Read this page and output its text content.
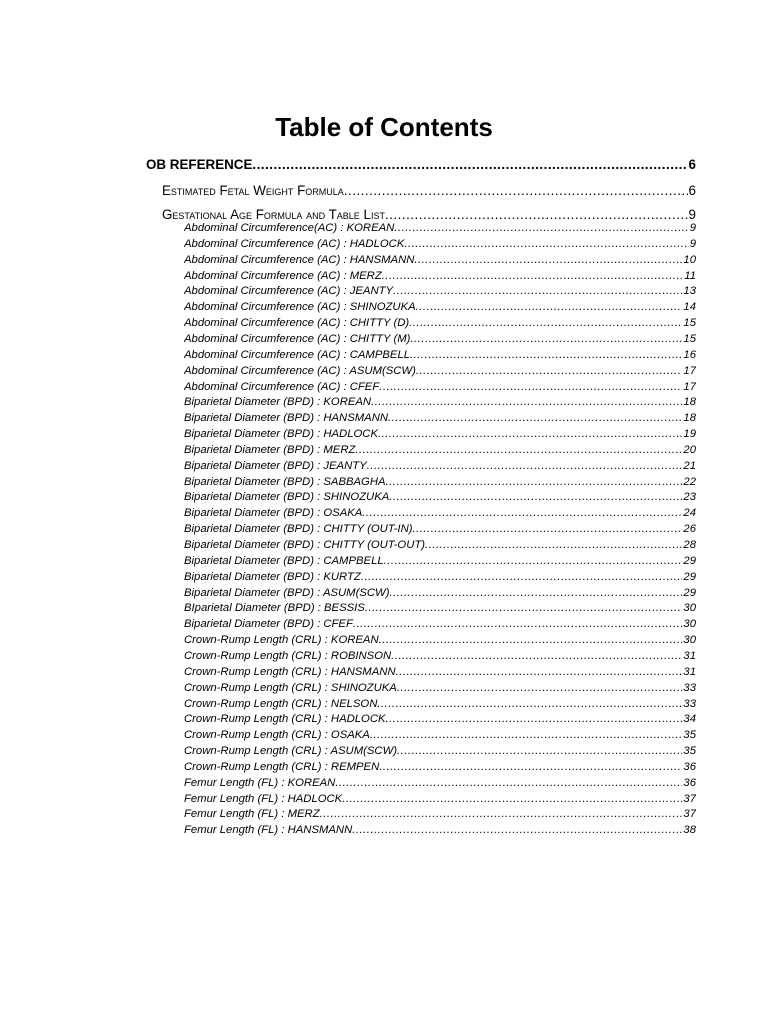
Table of Contents
OB REFERENCE .....	6
Estimated Fetal Weight Formula .....	6
Gestational Age Formula and Table List .....	9
Abdominal Circumference(AC) : KOREAN .....	9
Abdominal Circumference (AC) : HADLOCK .....	9
Abdominal Circumference (AC) : HANSMANN .....	10
Abdominal Circumference (AC) : MERZ .....	11
Abdominal Circumference (AC) : JEANTY .....	13
Abdominal Circumference (AC) : SHINOZUKA .....	14
Abdominal Circumference (AC) : CHITTY (D) .....	15
Abdominal Circumference (AC) : CHITTY (M) .....	15
Abdominal Circumference (AC) : CAMPBELL .....	16
Abdominal Circumference (AC) : ASUM(SCW) .....	17
Abdominal Circumference (AC) : CFEF .....	17
Biparietal Diameter (BPD) : KOREAN .....	18
Biparietal Diameter (BPD) : HANSMANN .....	18
Biparietal Diameter (BPD) : HADLOCK .....	19
Biparietal Diameter (BPD) : MERZ .....	20
Biparietal Diameter (BPD) : JEANTY .....	21
Biparietal Diameter (BPD) : SABBAGHA .....	22
Biparietal Diameter (BPD) : SHINOZUKA .....	23
Biparietal Diameter (BPD) : OSAKA .....	24
Biparietal Diameter (BPD) : CHITTY (OUT-IN) .....	26
Biparietal Diameter (BPD) : CHITTY (OUT-OUT) .....	28
Biparietal Diameter (BPD) : CAMPBELL .....	29
Biparietal Diameter (BPD) : KURTZ .....	29
Biparietal Diameter (BPD) : ASUM(SCW) .....	29
BIparietal Diameter (BPD) : BESSIS .....	30
Biparietal Diameter (BPD) : CFEF .....	30
Crown-Rump Length (CRL) : KOREAN .....	30
Crown-Rump Length (CRL) : ROBINSON .....	31
Crown-Rump Length (CRL) : HANSMANN .....	31
Crown-Rump Length (CRL) : SHINOZUKA .....	33
Crown-Rump Length (CRL) : NELSON .....	33
Crown-Rump Length (CRL) : HADLOCK .....	34
Crown-Rump Length (CRL) : OSAKA .....	35
Crown-Rump Length (CRL) : ASUM(SCW) .....	35
Crown-Rump Length (CRL) : REMPEN .....	36
Femur Length (FL) : KOREAN .....	36
Femur Length (FL) : HADLOCK .....	37
Femur Length (FL) : MERZ .....	37
Femur Length (FL) : HANSMANN .....	38
